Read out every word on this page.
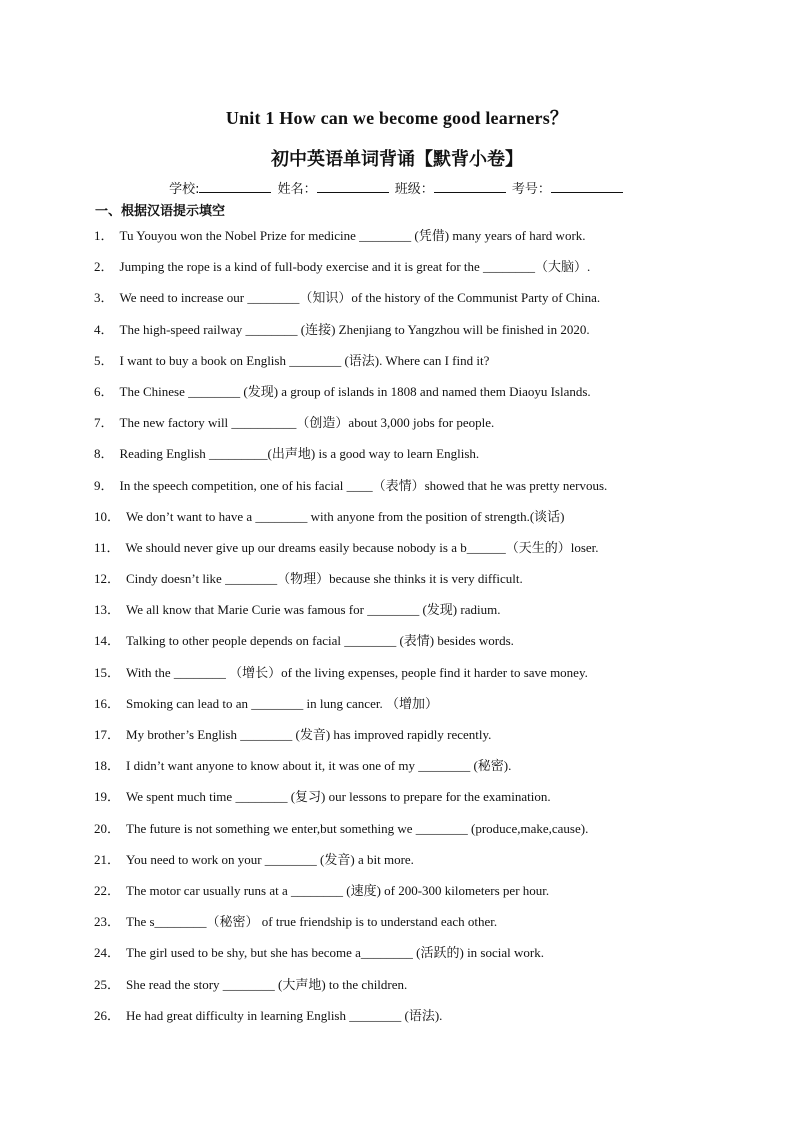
Unit 1 How can we become good learners？
初中英语单词背诵【默背小卷】
学校:	姓名：	班级：	考号：
一、根据汉语提示填空
1． Tu Youyou won the Nobel Prize for medicine ________ (凭借) many years of hard work.
2． Jumping the rope is a kind of full-body exercise and it is great for the ________（大脑）.
3． We need to increase our ________（知识）of the history of the Communist Party of China.
4． The high-speed railway ________ (连接) Zhenjiang to Yangzhou will be finished in 2020.
5． I want to buy a book on English ________ (语法). Where can I find it?
6． The Chinese ________ (发现) a group of islands in 1808 and named them Diaoyu Islands.
7． The new factory will __________（创造）about 3,000 jobs for people.
8． Reading English _________(出声地) is a good way to learn English.
9． In the speech competition, one of his facial ____（表情）showed that he was pretty nervous.
10． We don’t want to have a ________ with anyone from the position of strength.(谈话)
11． We should never give up our dreams easily because nobody is a b______（天生的）loser.
12． Cindy doesn’t like ________（物理）because she thinks it is very difficult.
13． We all know that Marie Curie was famous for ________ (发现) radium.
14． Talking to other people depends on facial ________ (表情) besides words.
15． With the ________ （增长）of the living expenses, people find it harder to save money.
16． Smoking can lead to an ________ in lung cancer. （增加）
17． My brother’s English ________ (发音) has improved rapidly recently.
18． I didn’t want anyone to know about it, it was one of my ________ (秘密).
19． We spent much time ________ (复习) our lessons to prepare for the examination.
20． The future is not something we enter,but something we ________ (produce,make,cause).
21． You need to work on your ________ (发音) a bit more.
22． The motor car usually runs at a ________ (速度) of 200-300 kilometers per hour.
23． The s________（秘密） of true friendship is to understand each other.
24． The girl used to be shy, but she has become a________ (活跃的) in social work.
25． She read the story ________ (大声地) to the children.
26． He had great difficulty in learning English ________ (语法).
